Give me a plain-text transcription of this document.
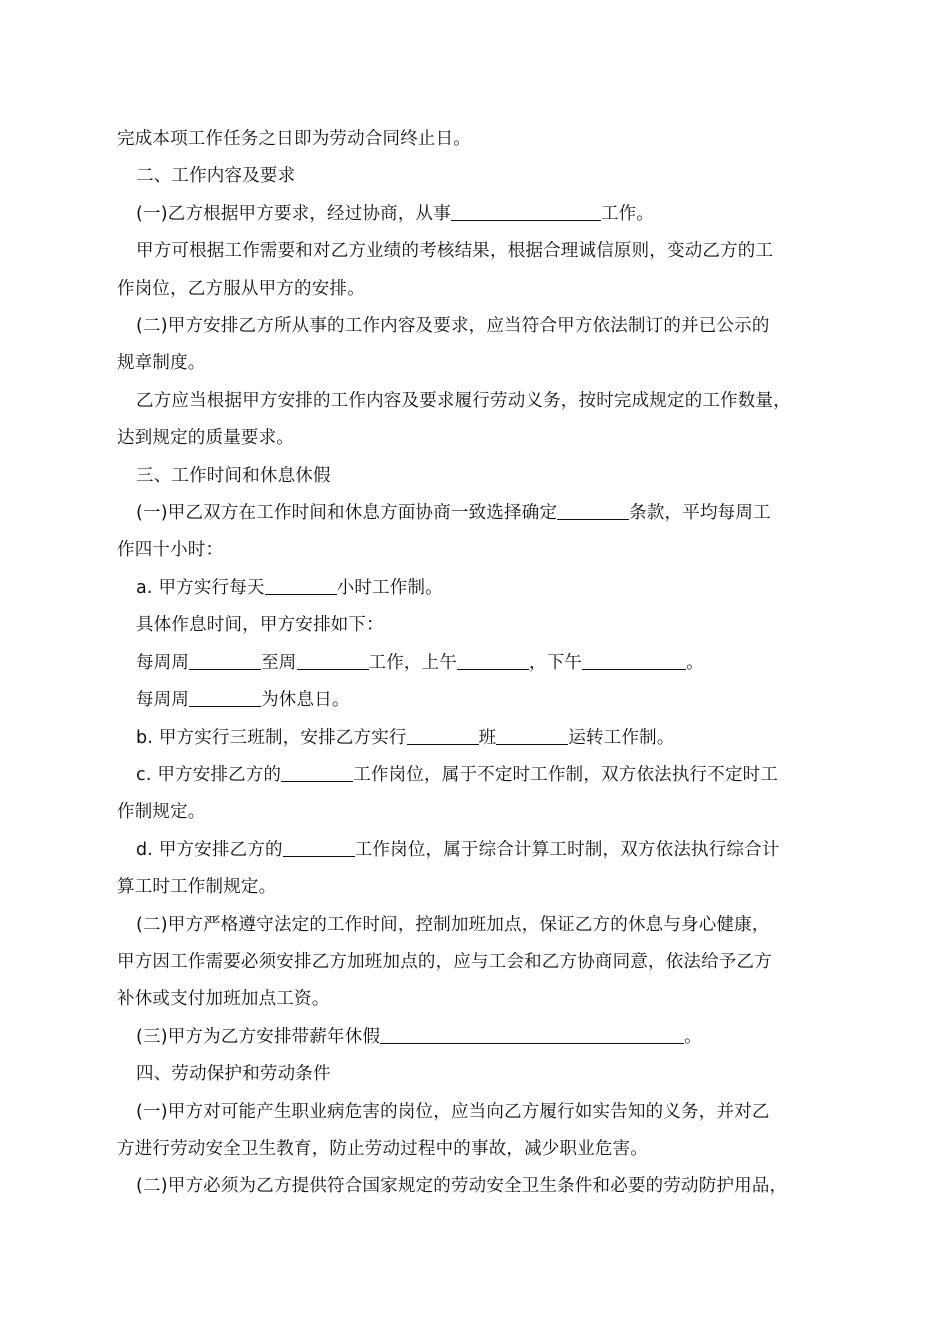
完成本项工作任务之日即为劳动合同终止日。

二、工作内容及要求

(一)乙方根据甲方要求，经过协商，从事	工作。

甲方可根据工作需要和对乙方业绩的考核结果，根据合理诚信原则，变动乙方的工

作岗位，乙方服从甲方的安排。

(二)甲方安排乙方所从事的工作内容及要求，应当符合甲方依法制订的并已公示的

规章制度。

乙方应当根据甲方安排的工作内容及要求履行劳动义务，按时完成规定的工作数量，

达到规定的质量要求。

三、工作时间和休息休假

(一)甲乙双方在工作时间和休息方面协商一致选择确定	条款，平均每周工

作四十小时：

a. 甲方实行每天	小时工作制。

具体作息时间，甲方安排如下：

每周周	至周	工作，上午	，下午	。

每周周	为休息日。

b. 甲方实行三班制，安排乙方实行	班	运转工作制。

c. 甲方安排乙方的	工作岗位，属于不定时工作制，双方依法执行不定时工

作制规定。

d. 甲方安排乙方的	工作岗位，属于综合计算工时制，双方依法执行综合计

算工时工作制规定。

(二)甲方严格遵守法定的工作时间，控制加班加点，保证乙方的休息与身心健康，

甲方因工作需要必须安排乙方加班加点的，应与工会和乙方协商同意，依法给予乙方

补休或支付加班加点工资。

(三)甲方为乙方安排带薪年休假	。

四、劳动保护和劳动条件

(一)甲方对可能产生职业病危害的岗位，应当向乙方履行如实告知的义务，并对乙

方进行劳动安全卫生教育，防止劳动过程中的事故，减少职业危害。

(二)甲方必须为乙方提供符合国家规定的劳动安全卫生条件和必要的劳动防护用品，
